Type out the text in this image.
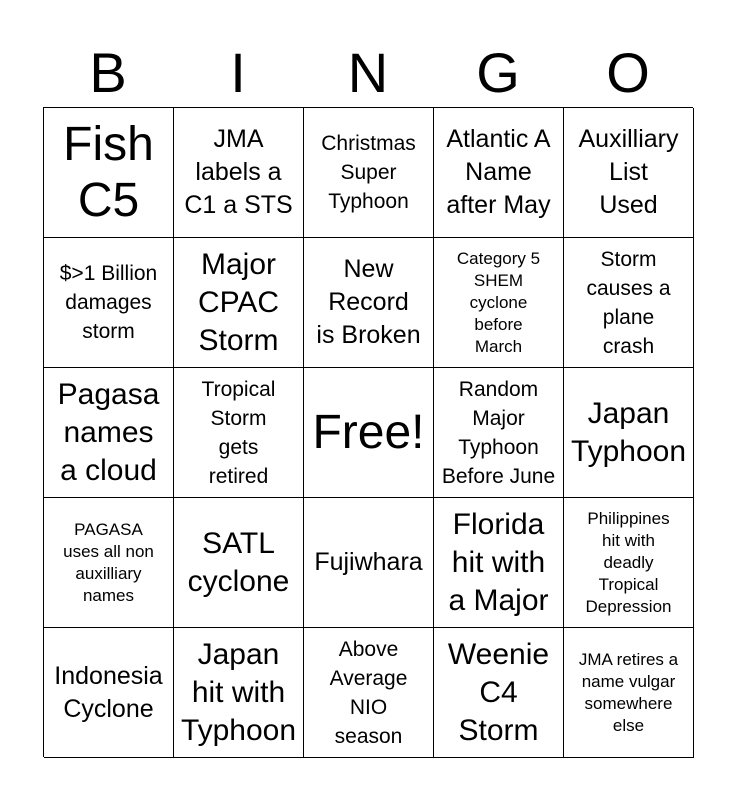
B	I	N	G	O
Fish
C5
JMA
labels a
C1 a STS
Christmas
Super
Typhoon
Atlantic A
Name
after May
Auxilliary
List
Used
$>1 Billion
damages
storm
Major
CPAC
Storm
New
Record
is Broken
Category 5
SHEM
cyclone
before
March
Storm
causes a
plane
crash
Pagasa
names
a cloud
Tropical
Storm
gets
retired
Free!
Random
Major
Typhoon
Before June
Japan
Typhoon
PAGASA
uses all non
auxilliary
names
SATL
cyclone
Fujiwhara
Florida
hit with
a Major
Philippines
hit with
deadly
Tropical
Depression
Indonesia
Cyclone
Japan
hit with
Typhoon
Above
Average
NIO
season
Weenie
C4
Storm
JMA retires a
name vulgar
somewhere
else
